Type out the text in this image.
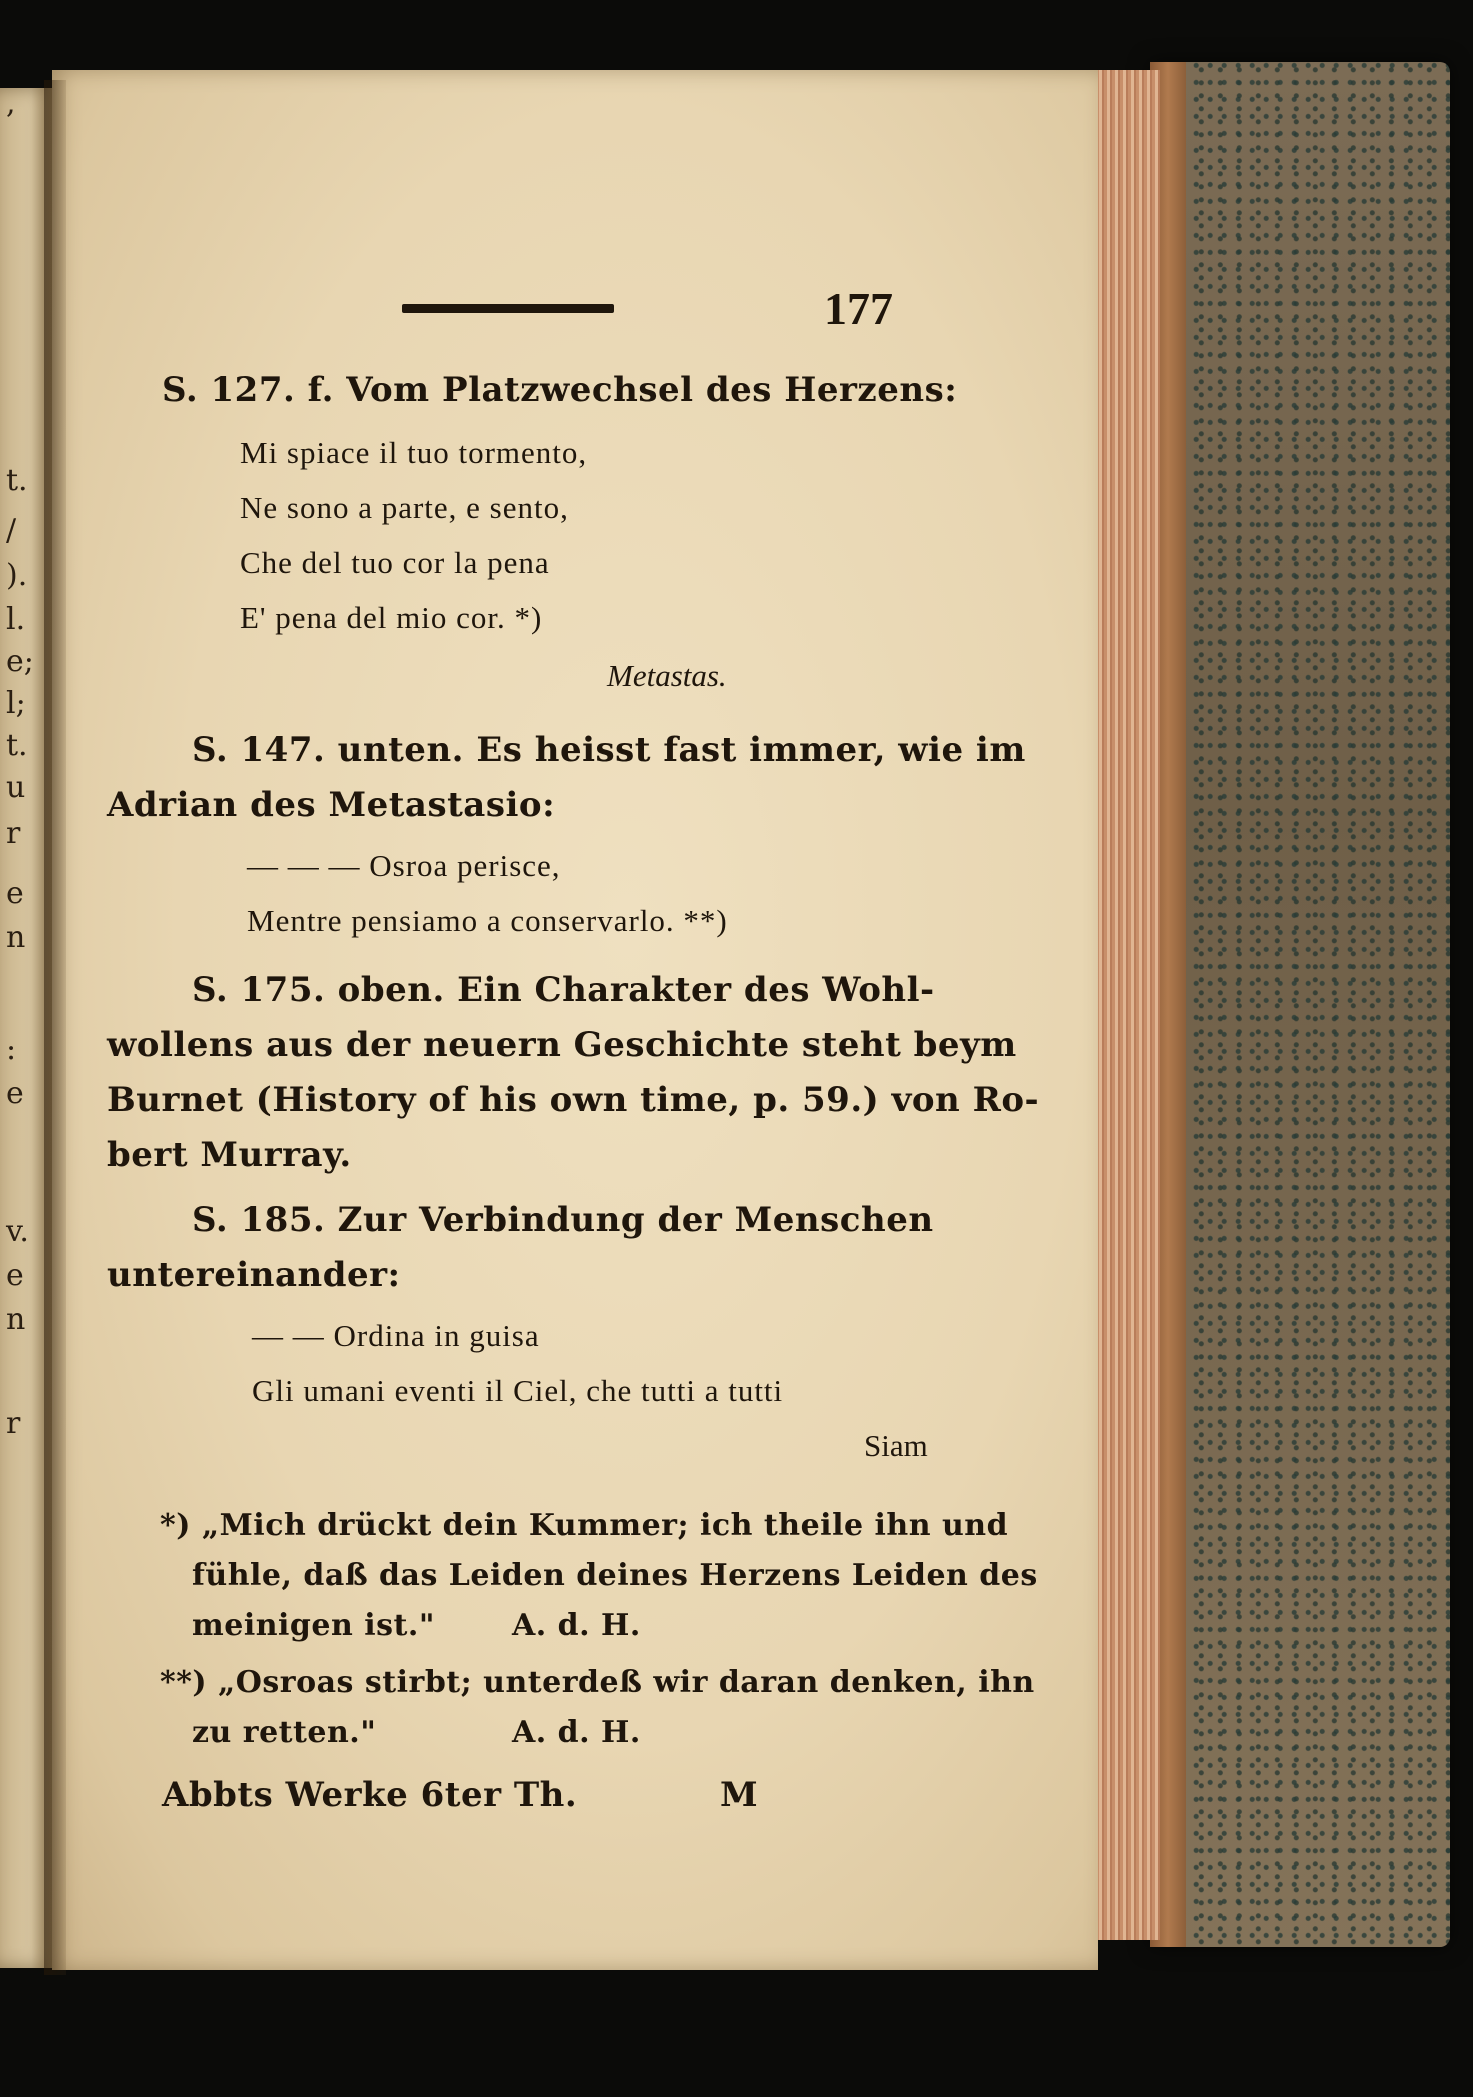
,
t.
/
).
l.
e;
l;
t.
u
r
e
n
:
e
v.
e
n
r
177
S. 127. f. Vom Platzwechsel des Herzens:
Mi spiace il tuo tormento,
Ne sono a parte, e sento,
Che del tuo cor la pena
E' pena del mio cor. *)
Metastas.
S. 147. unten. Es heisst fast immer, wie im
Adrian des Metastasio:
— — — Osroa perisce,
Mentre pensiamo a conservarlo. **)
S. 175. oben. Ein Charakter des Wohl-
wollens aus der neuern Geschichte steht beym
Burnet (History of his own time, p. 59.) von Ro-
bert Murray.
S. 185. Zur Verbindung der Menschen
untereinander:
— — Ordina in guisa
Gli umani eventi il Ciel, che tutti a tutti
Siam
*) „Mich drückt dein Kummer; ich theile ihn und
fühle, daß das Leiden deines Herzens Leiden des
meinigen ist."	A. d. H.
**) „Osroas stirbt; unterdeß wir daran denken, ihn
zu retten."	A. d. H.
Abbts Werke 6ter Th.	M
